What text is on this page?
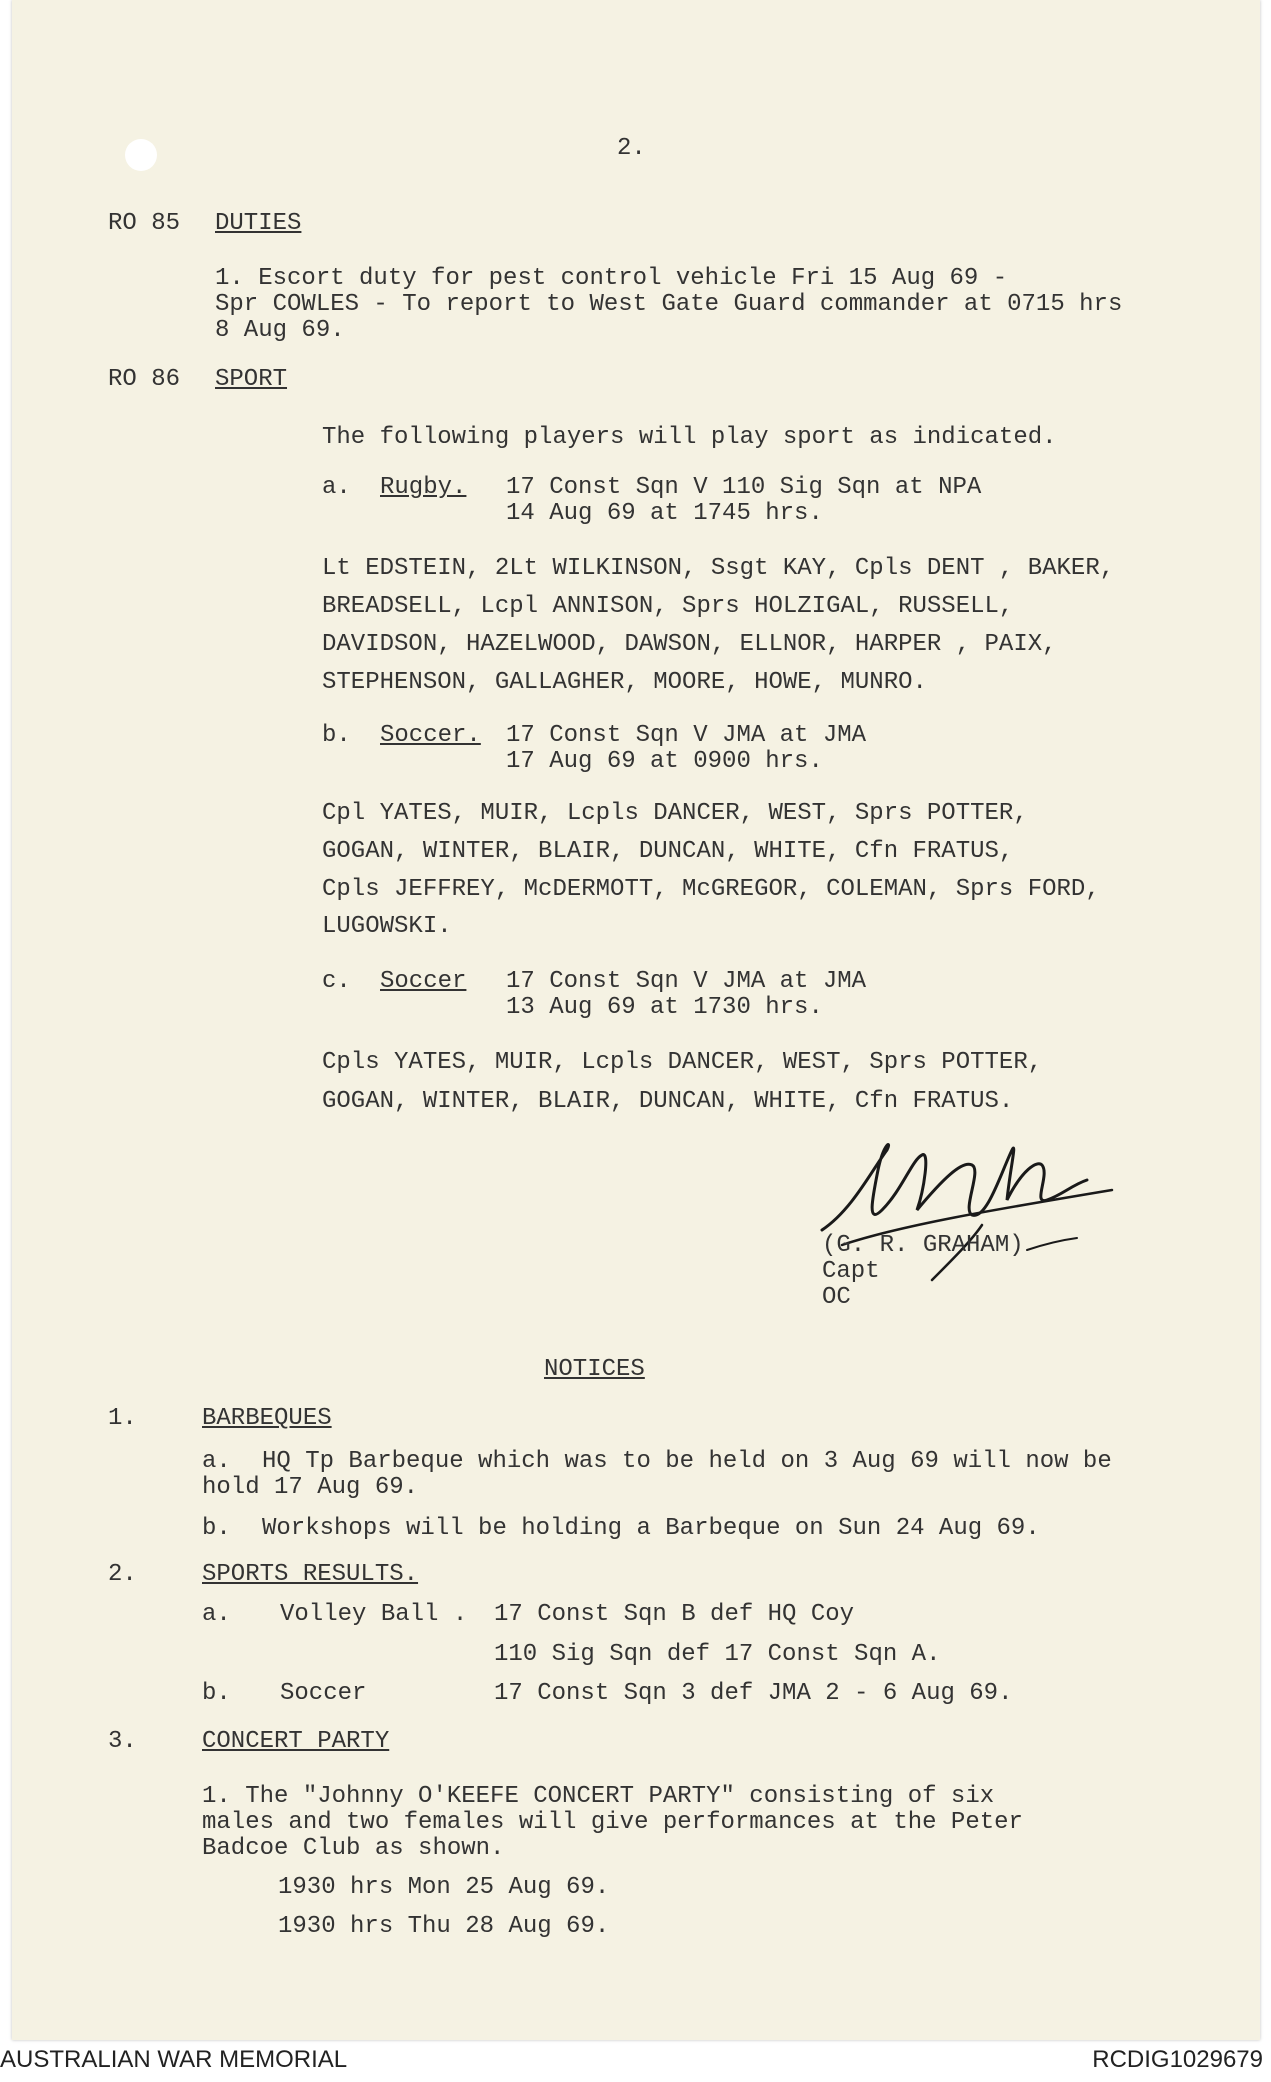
2.
RO 85 DUTIES
1. Escort duty for pest control vehicle Fri 15 Aug 69 -
Spr COWLES - To report to West Gate Guard commander at 0715 hrs
8 Aug 69.
RO 86 SPORT
The following players will play sport as indicated.
a. Rugby. 17 Const Sqn V 110 Sig Sqn at NPA
14 Aug 69 at 1745 hrs.
Lt EDSTEIN, 2Lt WILKINSON, Ssgt KAY, Cpls DENT , BAKER,
BREADSELL, Lcpl ANNISON, Sprs HOLZIGAL, RUSSELL,
DAVIDSON, HAZELWOOD, DAWSON, ELLNOR, HARPER , PAIX,
STEPHENSON, GALLAGHER, MOORE, HOWE, MUNRO.
b. Soccer. 17 Const Sqn V JMA at JMA
17 Aug 69 at 0900 hrs.
Cpl YATES, MUIR, Lcpls DANCER, WEST, Sprs POTTER,
GOGAN, WINTER, BLAIR, DUNCAN, WHITE, Cfn FRATUS,
Cpls JEFFREY, McDERMOTT, McGREGOR, COLEMAN, Sprs FORD,
LUGOWSKI.
c. Soccer 17 Const Sqn V JMA at JMA
13 Aug 69 at 1730 hrs.
Cpls YATES, MUIR, Lcpls DANCER, WEST, Sprs POTTER,
GOGAN, WINTER, BLAIR, DUNCAN, WHITE, Cfn FRATUS.
(G. R. GRAHAM)
Capt
OC
NOTICES
1.	BARBEQUES
a. HQ Tp Barbeque which was to be held on 3 Aug 69 will now be
hold 17 Aug 69.
b. Workshops will be holding a Barbeque on Sun 24 Aug 69.
2.	SPORTS RESULTS.
a. Volley Ball . 17 Const Sqn B def HQ Coy
110 Sig Sqn def 17 Const Sqn A.
b. Soccer	17 Const Sqn 3 def JMA 2 - 6 Aug 69.
3.	CONCERT PARTY
1. The "Johnny O'KEEFE CONCERT PARTY" consisting of six
males and two females will give performances at the Peter
Badcoe Club as shown.
1930 hrs Mon 25 Aug 69.
1930 hrs Thu 28 Aug 69.
AUSTRALIAN WAR MEMORIAL	RCDIG1029679
